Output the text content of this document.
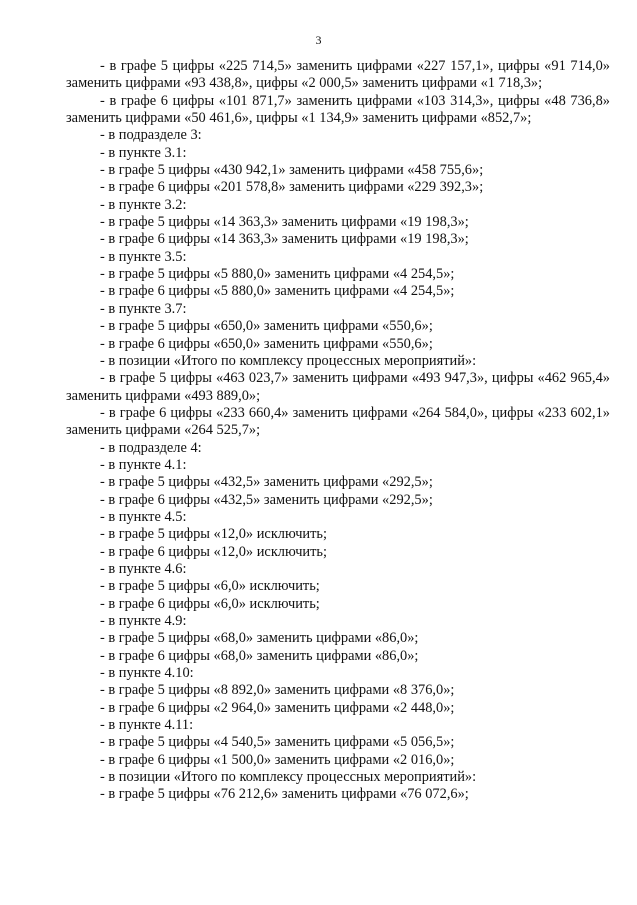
3

- в графе 5 цифры «225 714,5» заменить цифрами «227 157,1», цифры «91 714,0» заменить цифрами «93 438,8», цифры «2 000,5» заменить цифрами «1 718,3»;

- в графе 6 цифры «101 871,7» заменить цифрами «103 314,3», цифры «48 736,8» заменить цифрами «50 461,6», цифры «1 134,9» заменить цифрами «852,7»;

- в подразделе 3:

- в пункте 3.1:

- в графе 5 цифры «430 942,1» заменить цифрами «458 755,6»;

- в графе 6 цифры «201 578,8» заменить цифрами «229 392,3»;

- в пункте 3.2:

- в графе 5 цифры «14 363,3» заменить цифрами «19 198,3»;

- в графе 6 цифры «14 363,3» заменить цифрами «19 198,3»;

- в пункте 3.5:

- в графе 5 цифры «5 880,0» заменить цифрами «4 254,5»;

- в графе 6 цифры «5 880,0» заменить цифрами «4 254,5»;

- в пункте 3.7:

- в графе 5 цифры «650,0» заменить цифрами «550,6»;

- в графе 6 цифры «650,0» заменить цифрами «550,6»;

- в позиции «Итого по комплексу процессных мероприятий»:

- в графе 5 цифры «463 023,7» заменить цифрами «493 947,3», цифры «462 965,4» заменить цифрами «493 889,0»;

- в графе 6 цифры «233 660,4» заменить цифрами «264 584,0», цифры «233 602,1» заменить цифрами «264 525,7»;

- в подразделе 4:

- в пункте 4.1:

- в графе 5 цифры «432,5» заменить цифрами «292,5»;

- в графе 6 цифры «432,5» заменить цифрами «292,5»;

- в пункте 4.5:

- в графе 5 цифры «12,0» исключить;

- в графе 6 цифры «12,0» исключить;

- в пункте 4.6:

- в графе 5 цифры «6,0» исключить;

- в графе 6 цифры «6,0» исключить;

- в пункте 4.9:

- в графе 5 цифры «68,0» заменить цифрами «86,0»;

- в графе 6 цифры «68,0» заменить цифрами «86,0»;

- в пункте 4.10:

- в графе 5 цифры «8 892,0» заменить цифрами «8 376,0»;

- в графе 6 цифры «2 964,0» заменить цифрами «2 448,0»;

- в пункте 4.11:

- в графе 5 цифры «4 540,5» заменить цифрами «5 056,5»;

- в графе 6 цифры «1 500,0» заменить цифрами «2 016,0»;

- в позиции «Итого по комплексу процессных мероприятий»:

- в графе 5 цифры «76 212,6» заменить цифрами «76 072,6»;
